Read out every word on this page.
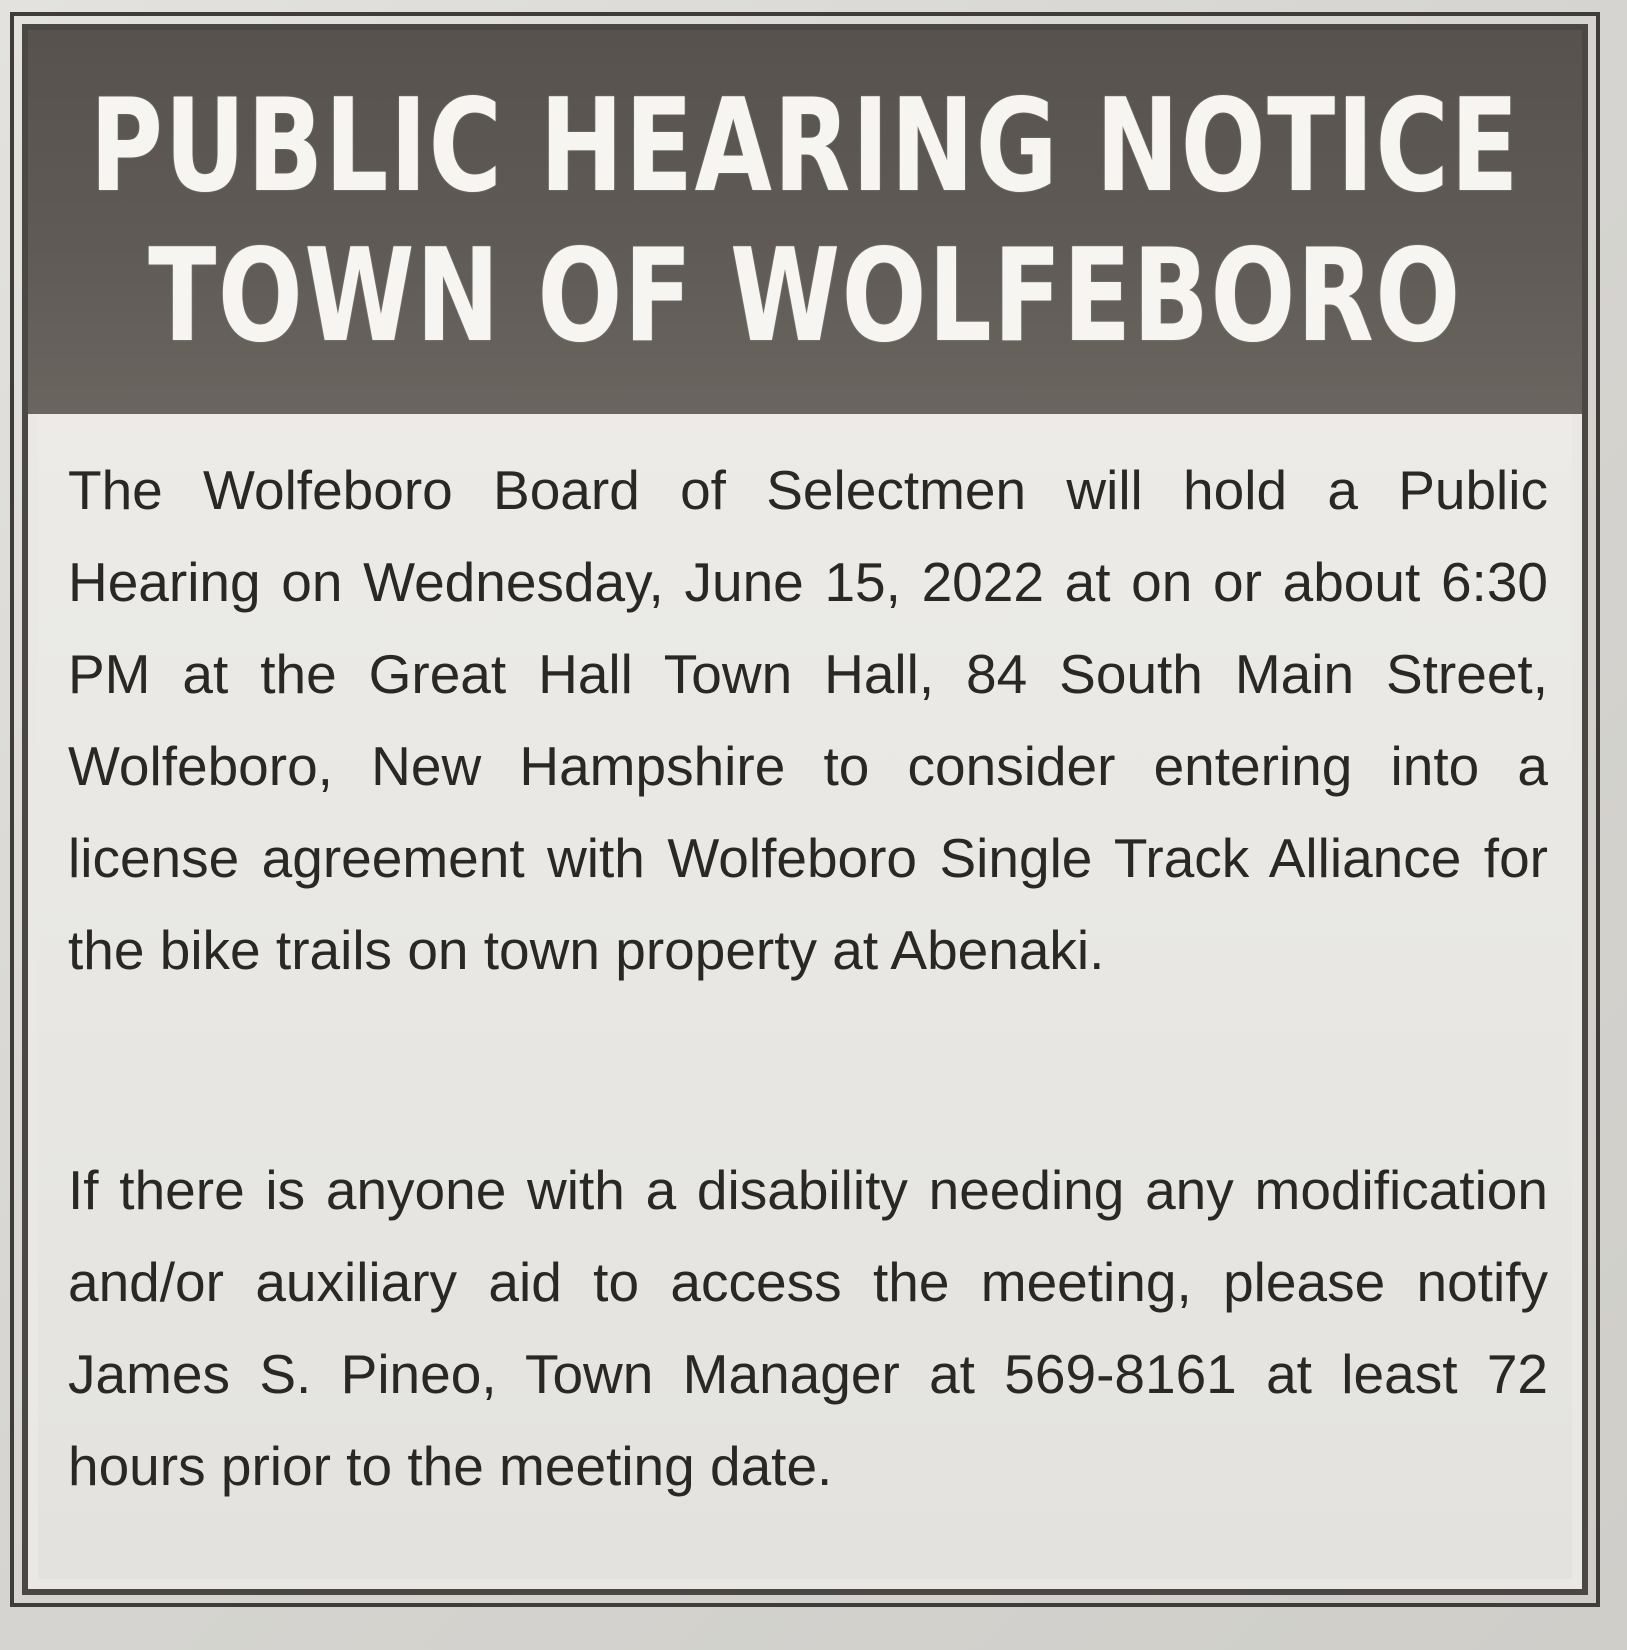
PUBLIC HEARING NOTICE
TOWN OF WOLFEBORO

The Wolfeboro Board of Selectmen will hold a Public Hearing on Wednesday, June 15, 2022 at on or about 6:30 PM at the Great Hall Town Hall, 84 South Main Street, Wolfeboro, New Hampshire to consider entering into a license agreement with Wolfeboro Single Track Alliance for the bike trails on town property at Abenaki.

If there is anyone with a disability needing any modification and/or auxiliary aid to access the meeting, please notify James S. Pineo, Town Manager at 569-8161 at least 72 hours prior to the meeting date.
